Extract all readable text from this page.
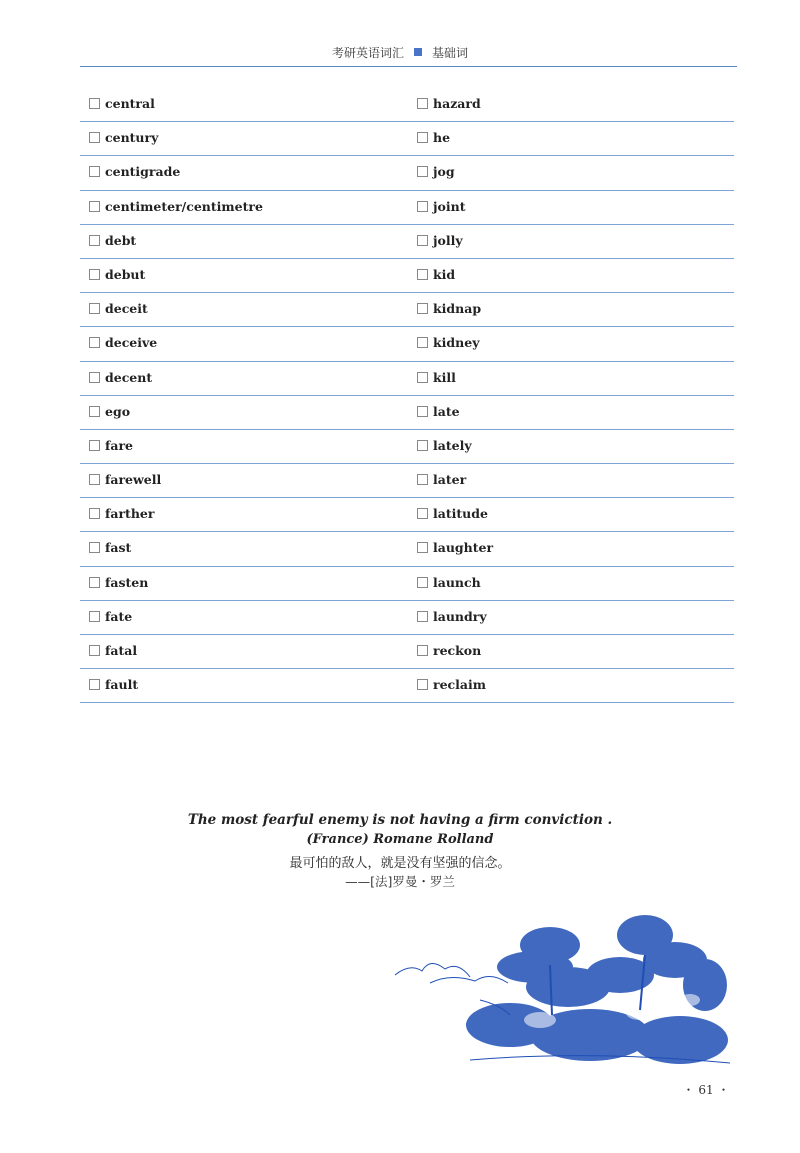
考研英语词汇 基础词
central	hazard
century	he
centigrade	jog
centimeter/centimetre	joint
debt	jolly
debut	kid
deceit	kidnap
deceive	kidney
decent	kill
ego	late
fare	lately
farewell	later
farther	latitude
fast	laughter
fasten	launch
fate	laundry
fatal	reckon
fault	reclaim
The most fearful enemy is not having a firm conviction .
(France) Romane Rolland
最可怕的敌人，就是没有坚强的信念。
——[法]罗曼・罗兰
・ 61 ・
